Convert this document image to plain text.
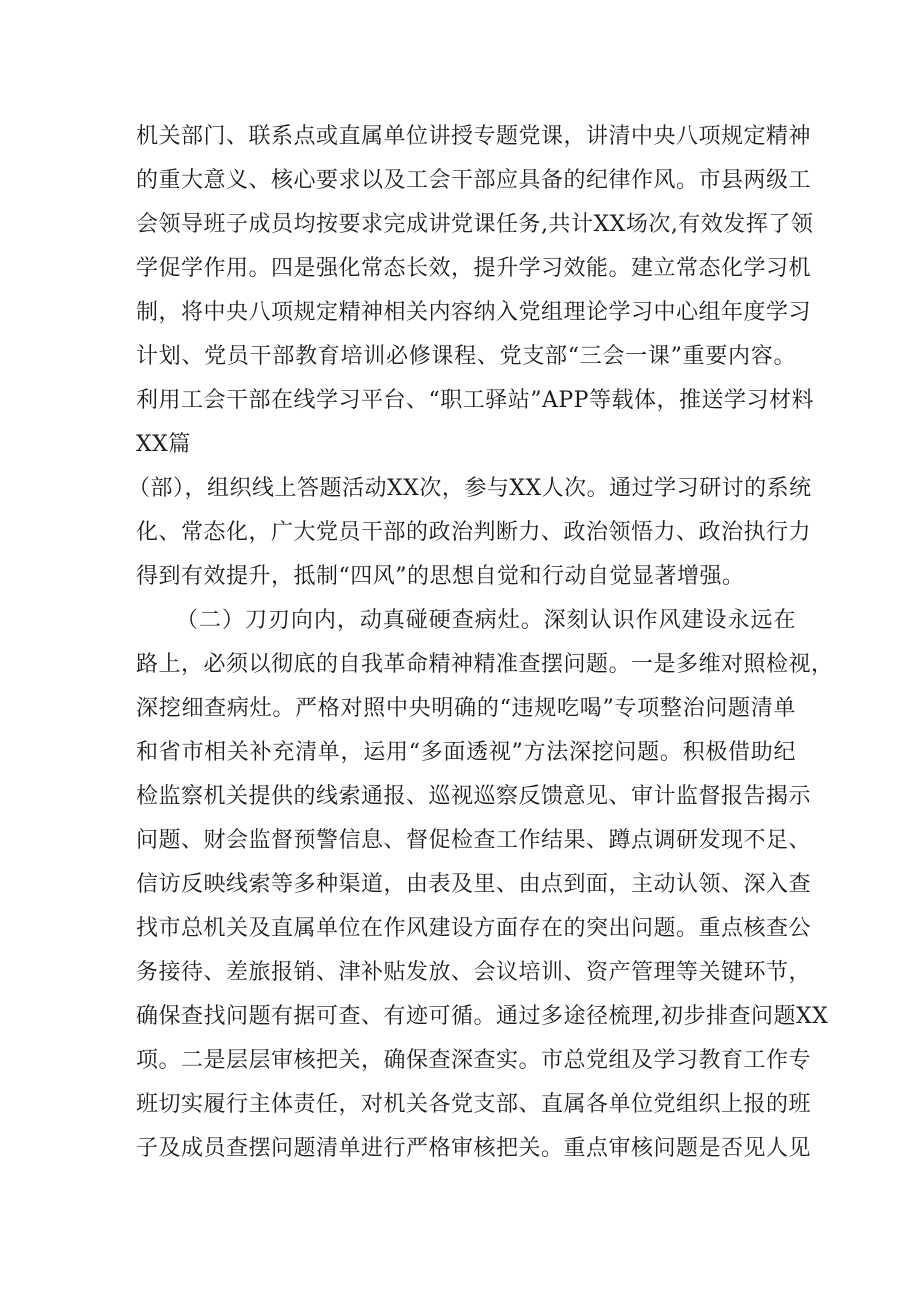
机关部门、联系点或直属单位讲授专题党课，讲清中央八项规定精神
的重大意义、核心要求以及工会干部应具备的纪律作风。市县两级工
会领导班子成员均按要求完成讲党课任务,共计XX场次,有效发挥了领
学促学作用。四是强化常态长效，提升学习效能。建立常态化学习机
制，将中央八项规定精神相关内容纳入党组理论学习中心组年度学习
计划、党员干部教育培训必修课程、党支部“三会一课”重要内容。
利用工会干部在线学习平台、“职工驿站”APP等载体，推送学习材料
XX篇
（部），组织线上答题活动XX次，参与XX人次。通过学习研讨的系统
化、常态化，广大党员干部的政治判断力、政治领悟力、政治执行力
得到有效提升，抵制“四风”的思想自觉和行动自觉显著增强。
（二）刀刃向内，动真碰硬查病灶。深刻认识作风建设永远在
路上，必须以彻底的自我革命精神精准查摆问题。一是多维对照检视，
深挖细查病灶。严格对照中央明确的“违规吃喝”专项整治问题清单
和省市相关补充清单，运用“多面透视”方法深挖问题。积极借助纪
检监察机关提供的线索通报、巡视巡察反馈意见、审计监督报告揭示
问题、财会监督预警信息、督促检查工作结果、蹲点调研发现不足、
信访反映线索等多种渠道，由表及里、由点到面，主动认领、深入查
找市总机关及直属单位在作风建设方面存在的突出问题。重点核查公
务接待、差旅报销、津补贴发放、会议培训、资产管理等关键环节，
确保查找问题有据可查、有迹可循。通过多途径梳理,初步排查问题XX
项。二是层层审核把关，确保查深查实。市总党组及学习教育工作专
班切实履行主体责任，对机关各党支部、直属各单位党组织上报的班
子及成员查摆问题清单进行严格审核把关。重点审核问题是否见人见
